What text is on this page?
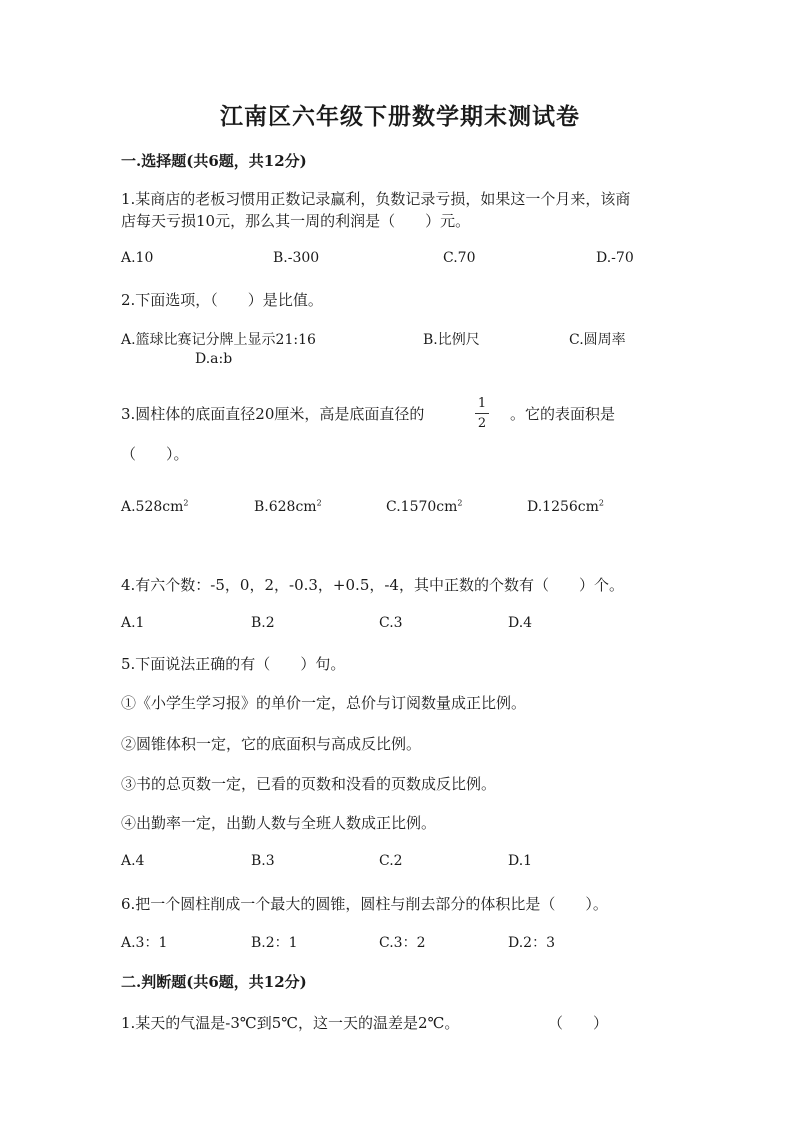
江南区六年级下册数学期末测试卷
一.选择题(共6题，共12分)
1.某商店的老板习惯用正数记录赢利，负数记录亏损，如果这一个月来，该商
店每天亏损10元，那么其一周的利润是（　　）元。
A.10	B.-300	C.70	D.-70
2.下面选项，（　　）是比值。
A.篮球比赛记分牌上显示21:16	B.比例尺	C.圆周率
D.a:b
3.圆柱体的底面直径20厘米，高是底面直径的
1
2
。它的表面积是
（　　）。
$A.528cm^2$	$B.628cm^2$	$C.1570cm^2$	$D.1256cm^2$
4.有六个数：-5，0，2，-0.3，+0.5，-4，其中正数的个数有（　　）个。
A.1	B.2	C.3	D.4
5.下面说法正确的有（　　）句。
①《小学生学习报》的单价一定，总价与订阅数量成正比例。
②圆锥体积一定，它的底面积与高成反比例。
③书的总页数一定，已看的页数和没看的页数成反比例。
④出勤率一定，出勤人数与全班人数成正比例。
A.4	B.3	C.2	D.1
6.把一个圆柱削成一个最大的圆锥，圆柱与削去部分的体积比是（　　）。
A.3：1	B.2：1	C.3：2	D.2：3
二.判断题(共6题，共12分)
1.某天的气温是-3℃到5℃，这一天的温差是2℃。	（　　）
